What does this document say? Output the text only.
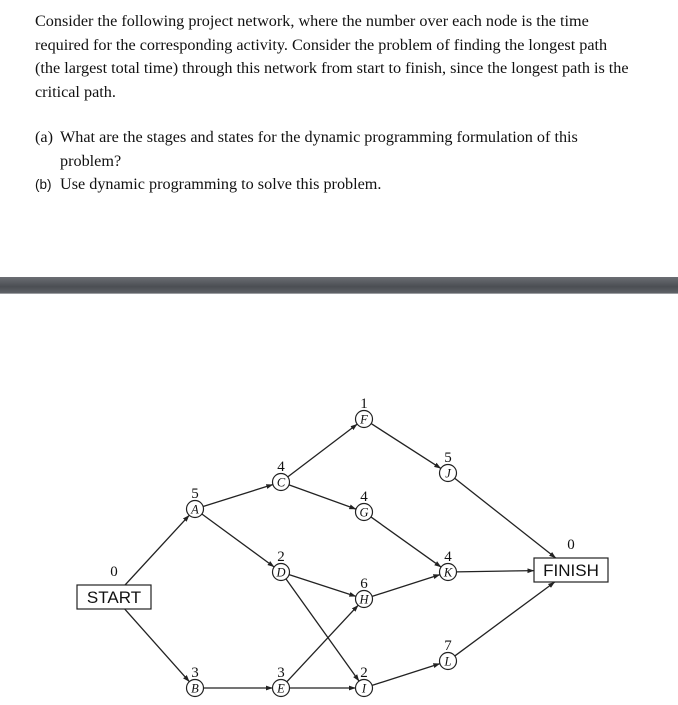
Consider the following project network, where the number over each node is the time required for the corresponding activity. Consider the problem of finding the longest path (the largest total time) through this network from start to finish, since the longest path is the critical path.

(a) What are the stages and states for the dynamic programming formulation of this problem?

(b) Use dynamic programming to solve this problem.

A
5
B
3
C
4
D
2
E
3
F
1
G
4
H
6
I
2
J
5
K
4
L
7
START
0	FINISH
0
